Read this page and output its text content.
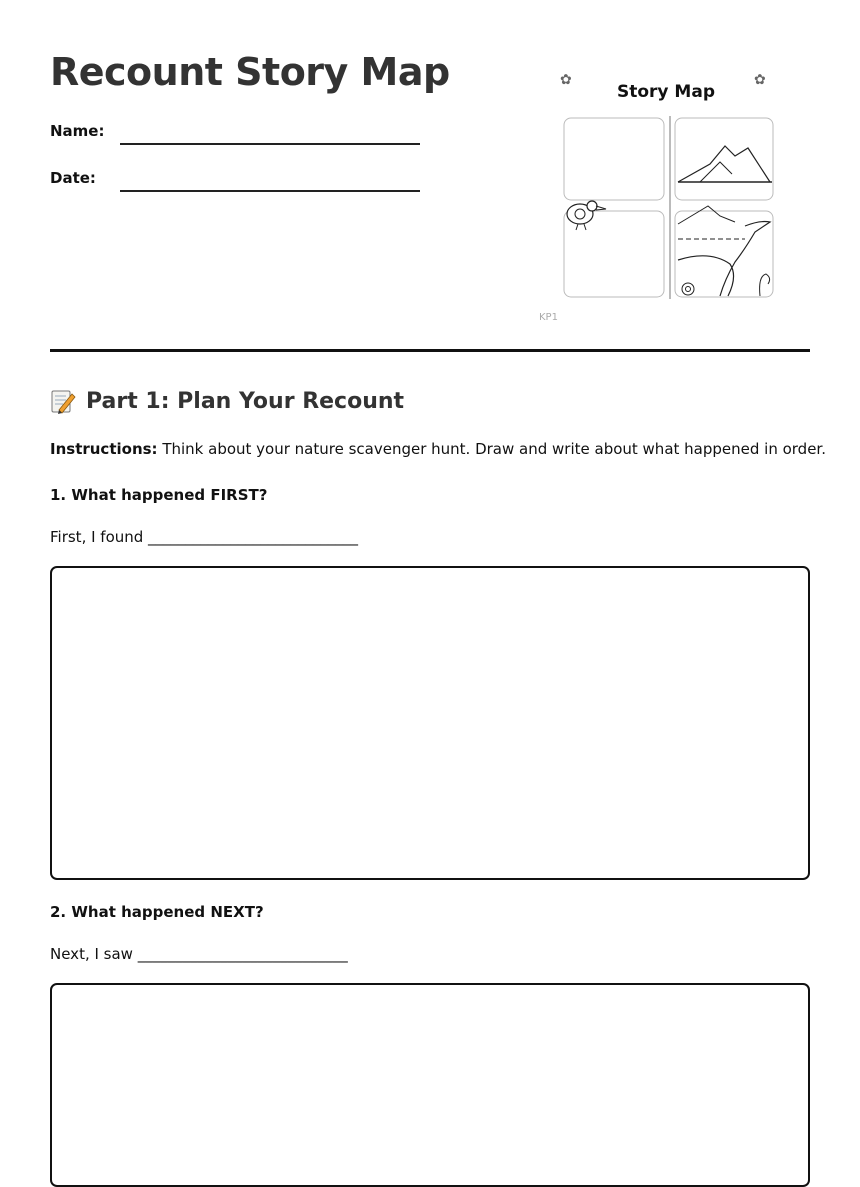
Recount Story Map
Name:
Date:
✿	✿
Story Map
KP1
Part 1: Plan Your Recount
Instructions: Think about your nature scavenger hunt. Draw and write about what happened in order.
1. What happened FIRST?
First, I found ____________________________
2. What happened NEXT?
Next, I saw ____________________________
